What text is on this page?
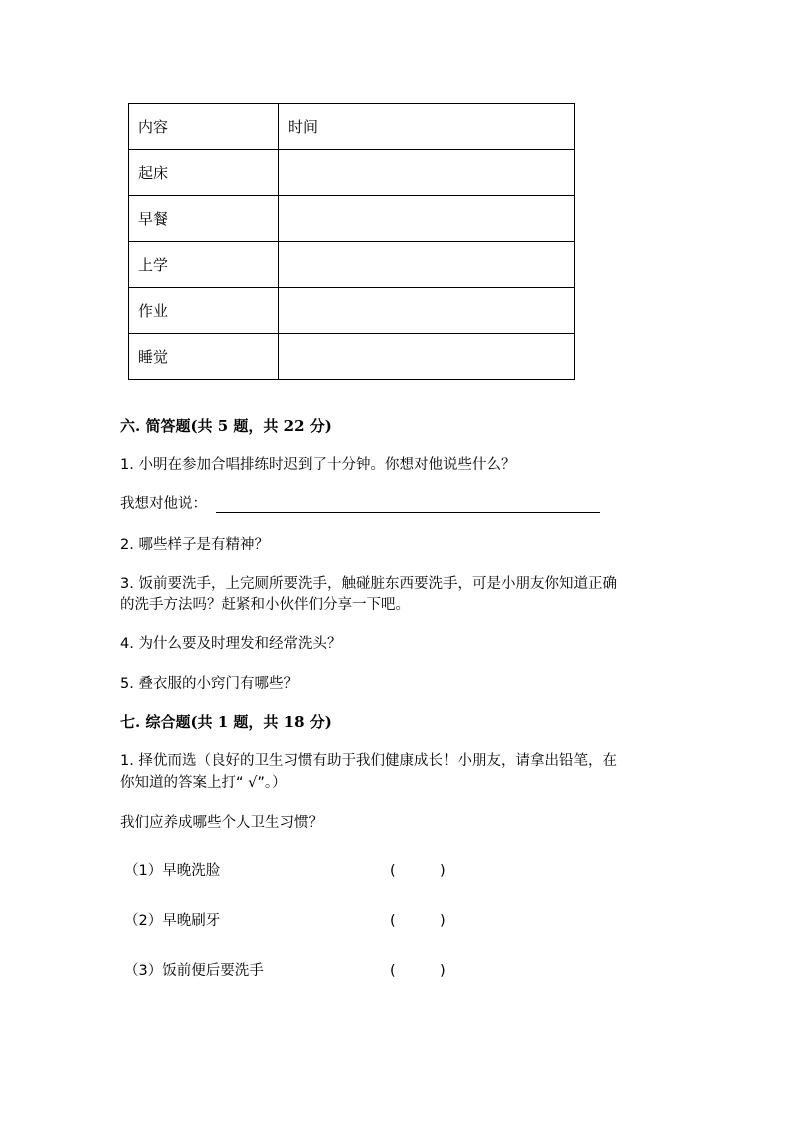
内容	时间
起床	
早餐	
上学	
作业	
睡觉	
六. 简答题(共 5 题，共 22 分)
1. 小明在参加合唱排练时迟到了十分钟。你想对他说些什么？
我想对他说：
2. 哪些样子是有精神？
3. 饭前要洗手，上完厕所要洗手，触碰脏东西要洗手，可是小朋友你知道正确
的洗手方法吗？赶紧和小伙伴们分享一下吧。
4. 为什么要及时理发和经常洗头？
5. 叠衣服的小窍门有哪些？
七. 综合题(共 1 题，共 18 分)
1. 择优而选（良好的卫生习惯有助于我们健康成长！小朋友，请拿出铅笔，在
你知道的答案上打“ √”。）
我们应养成哪些个人卫生习惯？
（1）早晚洗脸	(	)
（2）早晚刷牙	(	)
（3）饭前便后要洗手	(	)
